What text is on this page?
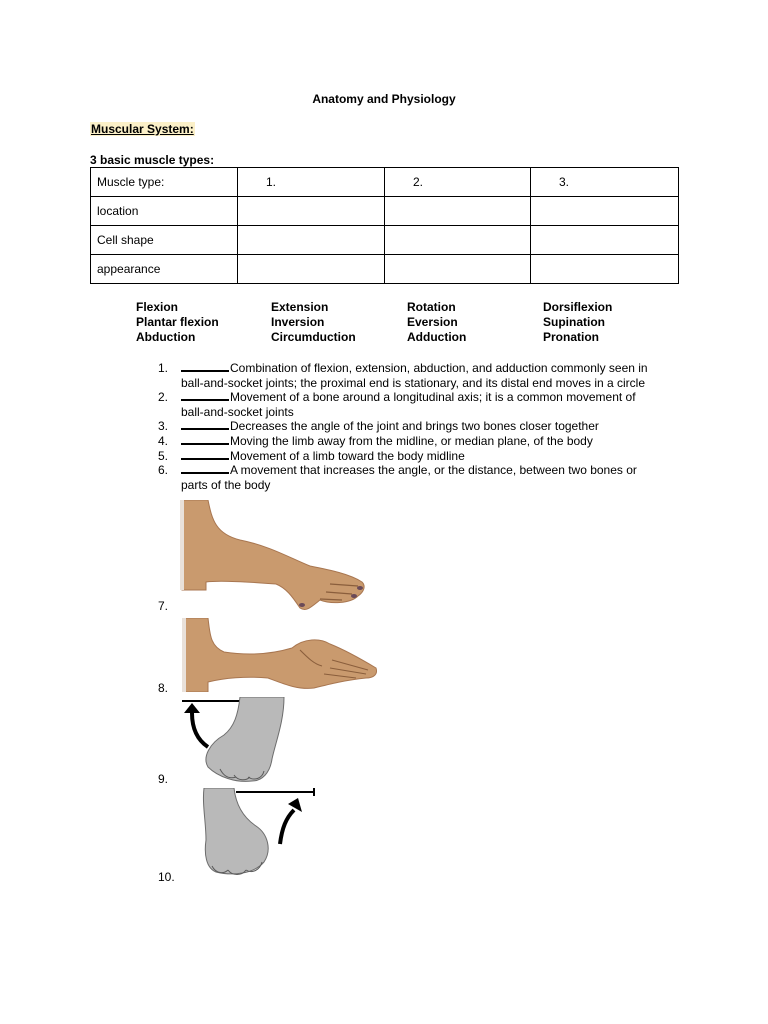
Anatomy and Physiology
Muscular System:
3 basic muscle types:
Muscle type:	1.	2.	3.
location			
Cell shape			
appearance			
Flexion	Extension	Rotation	Dorsiflexion
Plantar flexion	Inversion	Eversion	Supination
Abduction	Circumduction	Adduction	Pronation
1.	Combination of flexion, extension, abduction, and adduction commonly seen in
ball-and-socket joints; the proximal end is stationary, and its distal end moves in a circle
2.	Movement of a bone around a longitudinal axis; it is a common movement of
ball-and-socket joints
3.	Decreases the angle of the joint and brings two bones closer together
4.	Moving the limb away from the midline, or median plane, of the body
5.	Movement of a limb toward the body midline
6.	A movement that increases the angle, or the distance, between two bones or
parts of the body
7.
8.
9.
10.
